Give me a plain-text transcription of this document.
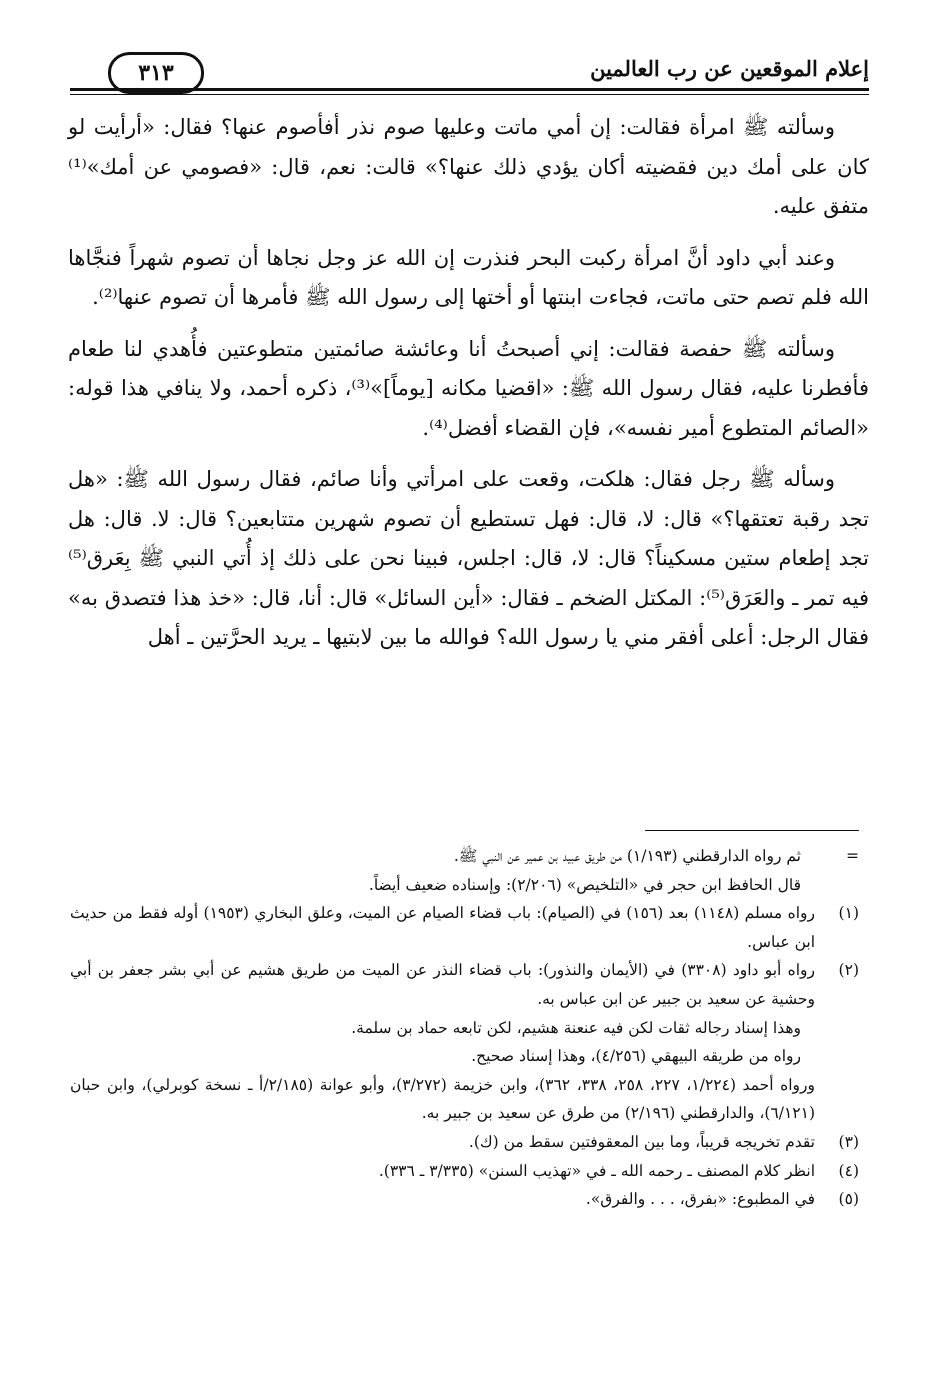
إعلام الموقعين عن رب العالمين
٣١٣

وسألته ﷺ امرأة فقالت: إن أمي ماتت وعليها صوم نذر أفأصوم عنها؟ فقال: «أرأيت لو كان على أمك دين فقضيته أكان يؤدي ذلك عنها؟» قالت: نعم، قال: «فصومي عن أمك»⁽¹⁾ متفق عليه.

وعند أبي داود أنَّ امرأة ركبت البحر فنذرت إن الله عز وجل نجاها أن تصوم شهراً فنجَّاها الله فلم تصم حتى ماتت، فجاءت ابنتها أو أختها إلى رسول الله ﷺ فأمرها أن تصوم عنها⁽²⁾.

وسألته ﷺ حفصة فقالت: إني أصبحتُ أنا وعائشة صائمتين متطوعتين فأُهدي لنا طعام فأفطرنا عليه، فقال رسول الله ﷺ: «اقضيا مكانه [يوماً]»⁽³⁾، ذكره أحمد، ولا ينافي هذا قوله: «الصائم المتطوع أمير نفسه»، فإن القضاء أفضل⁽⁴⁾.

وسأله ﷺ رجل فقال: هلكت، وقعت على امرأتي وأنا صائم، فقال رسول الله ﷺ: «هل تجد رقبة تعتقها؟» قال: لا، قال: فهل تستطيع أن تصوم شهرين متتابعين؟ قال: لا. قال: هل تجد إطعام ستين مسكيناً؟ قال: لا، قال: اجلس، فبينا نحن على ذلك إذ أُتي النبي ﷺ بِعَرق⁽⁵⁾ فيه تمر ـ والعَرَق⁽⁵⁾: المكتل الضخم ـ فقال: «أين السائل» قال: أنا، قال: «خذ هذا فتصدق به» فقال الرجل: أعلى أفقر مني يا رسول الله؟ فوالله ما بين لابتيها ـ يريد الحرَّتين ـ أهل

=

ثم رواه الدارقطني (١/١٩٣) من طريق عبيد بن عمير عن النبي ﷺ.

قال الحافظ ابن حجر في «التلخيص» (٢/٢٠٦): وإسناده ضعيف أيضاً.

(١)

رواه مسلم (١١٤٨) بعد (١٥٦) في (الصيام): باب قضاء الصيام عن الميت، وعلق البخاري (١٩٥٣) أوله فقط من حديث ابن عباس.

(٢)

رواه أبو داود (٣٣٠٨) في (الأيمان والنذور): باب قضاء النذر عن الميت من طريق هشيم عن أبي بشر جعفر بن أبي وحشية عن سعيد بن جبير عن ابن عباس به.

وهذا إسناد رجاله ثقات لكن فيه عنعنة هشيم، لكن تابعه حماد بن سلمة.

رواه من طريقه البيهقي (٤/٢٥٦)، وهذا إسناد صحيح.

ورواه أحمد (١/٢٢٤، ٢٢٧، ٢٥٨، ٣٣٨، ٣٦٢)، وابن خزيمة (٣/٢٧٢)، وأبو عوانة (٢/١٨٥/أ ـ نسخة كوبرلي)، وابن حبان (٦/١٢١)، والدارقطني (٢/١٩٦) من طرق عن سعيد بن جبير به.

(٣)

تقدم تخريجه قريباً، وما بين المعقوفتين سقط من (ك).

(٤)

انظر كلام المصنف ـ رحمه الله ـ في «تهذيب السنن» (٣/٣٣٥ ـ ٣٣٦).

(٥)

في المطبوع: «بفرق، . . . والفرق».
